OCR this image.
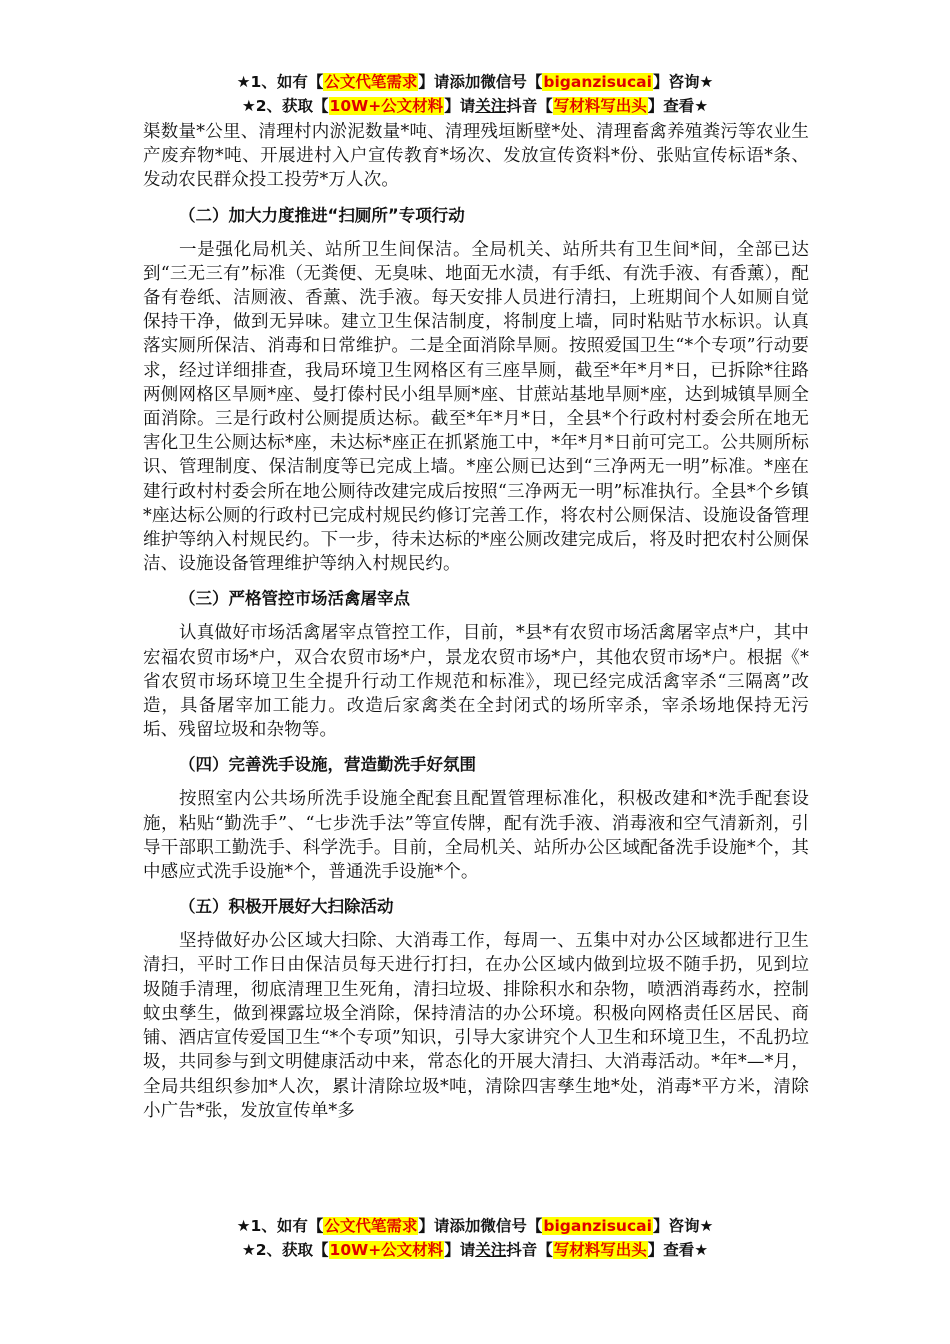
★1、如有【公文代笔需求】请添加微信号【biganzisucai】咨询★
★2、获取【10W+公文材料】请关注抖音【写材料写出头】查看★

渠数量*公里、清理村内淤泥数量*吨、清理残垣断壁*处、清理畜禽养殖粪污等农业生产废弃物*吨、开展进村入户宣传教育*场次、发放宣传资料*份、张贴宣传标语*条、发动农民群众投工投劳*万人次。

（二）加大力度推进“扫厕所”专项行动

一是强化局机关、站所卫生间保洁。全局机关、站所共有卫生间*间，全部已达到“三无三有”标准（无粪便、无臭味、地面无水渍，有手纸、有洗手液、有香薰），配备有卷纸、洁厕液、香薰、洗手液。每天安排人员进行清扫，上班期间个人如厕自觉保持干净，做到无异味。建立卫生保洁制度，将制度上墙，同时粘贴节水标识。认真落实厕所保洁、消毒和日常维护。二是全面消除旱厕。按照爱国卫生“*个专项”行动要求，经过详细排查，我局环境卫生网格区有三座旱厕，截至*年*月*日，已拆除*往路两侧网格区旱厕*座、曼打傣村民小组旱厕*座、甘蔗站基地旱厕*座，达到城镇旱厕全面消除。三是行政村公厕提质达标。截至*年*月*日，全县*个行政村村委会所在地无害化卫生公厕达标*座，未达标*座正在抓紧施工中，*年*月*日前可完工。公共厕所标识、管理制度、保洁制度等已完成上墙。*座公厕已达到“三净两无一明”标准。*座在建行政村村委会所在地公厕待改建完成后按照“三净两无一明”标准执行。全县*个乡镇*座达标公厕的行政村已完成村规民约修订完善工作，将农村公厕保洁、设施设备管理维护等纳入村规民约。下一步，待未达标的*座公厕改建完成后，将及时把农村公厕保洁、设施设备管理维护等纳入村规民约。

（三）严格管控市场活禽屠宰点

认真做好市场活禽屠宰点管控工作，目前，*县*有农贸市场活禽屠宰点*户，其中宏福农贸市场*户，双合农贸市场*户，景龙农贸市场*户，其他农贸市场*户。根据《*省农贸市场环境卫生全提升行动工作规范和标准》，现已经完成活禽宰杀“三隔离”改造，具备屠宰加工能力。改造后家禽类在全封闭式的场所宰杀，宰杀场地保持无污垢、残留垃圾和杂物等。

（四）完善洗手设施，营造勤洗手好氛围

按照室内公共场所洗手设施全配套且配置管理标准化，积极改建和*洗手配套设施，粘贴“勤洗手”、“七步洗手法”等宣传牌，配有洗手液、消毒液和空气清新剂，引导干部职工勤洗手、科学洗手。目前，全局机关、站所办公区域配备洗手设施*个，其中感应式洗手设施*个，普通洗手设施*个。

（五）积极开展好大扫除活动

坚持做好办公区域大扫除、大消毒工作，每周一、五集中对办公区域都进行卫生清扫，平时工作日由保洁员每天进行打扫，在办公区域内做到垃圾不随手扔，见到垃圾随手清理，彻底清理卫生死角，清扫垃圾、排除积水和杂物，喷洒消毒药水，控制蚊虫孳生，做到裸露垃圾全消除，保持清洁的办公环境。积极向网格责任区居民、商铺、酒店宣传爱国卫生“*个专项”知识，引导大家讲究个人卫生和环境卫生，不乱扔垃圾，共同参与到文明健康活动中来，常态化的开展大清扫、大消毒活动。*年*—*月，全局共组织参加*人次，累计清除垃圾*吨，清除四害孳生地*处，消毒*平方米，清除小广告*张，发放宣传单*多

★1、如有【公文代笔需求】请添加微信号【biganzisucai】咨询★
★2、获取【10W+公文材料】请关注抖音【写材料写出头】查看★
